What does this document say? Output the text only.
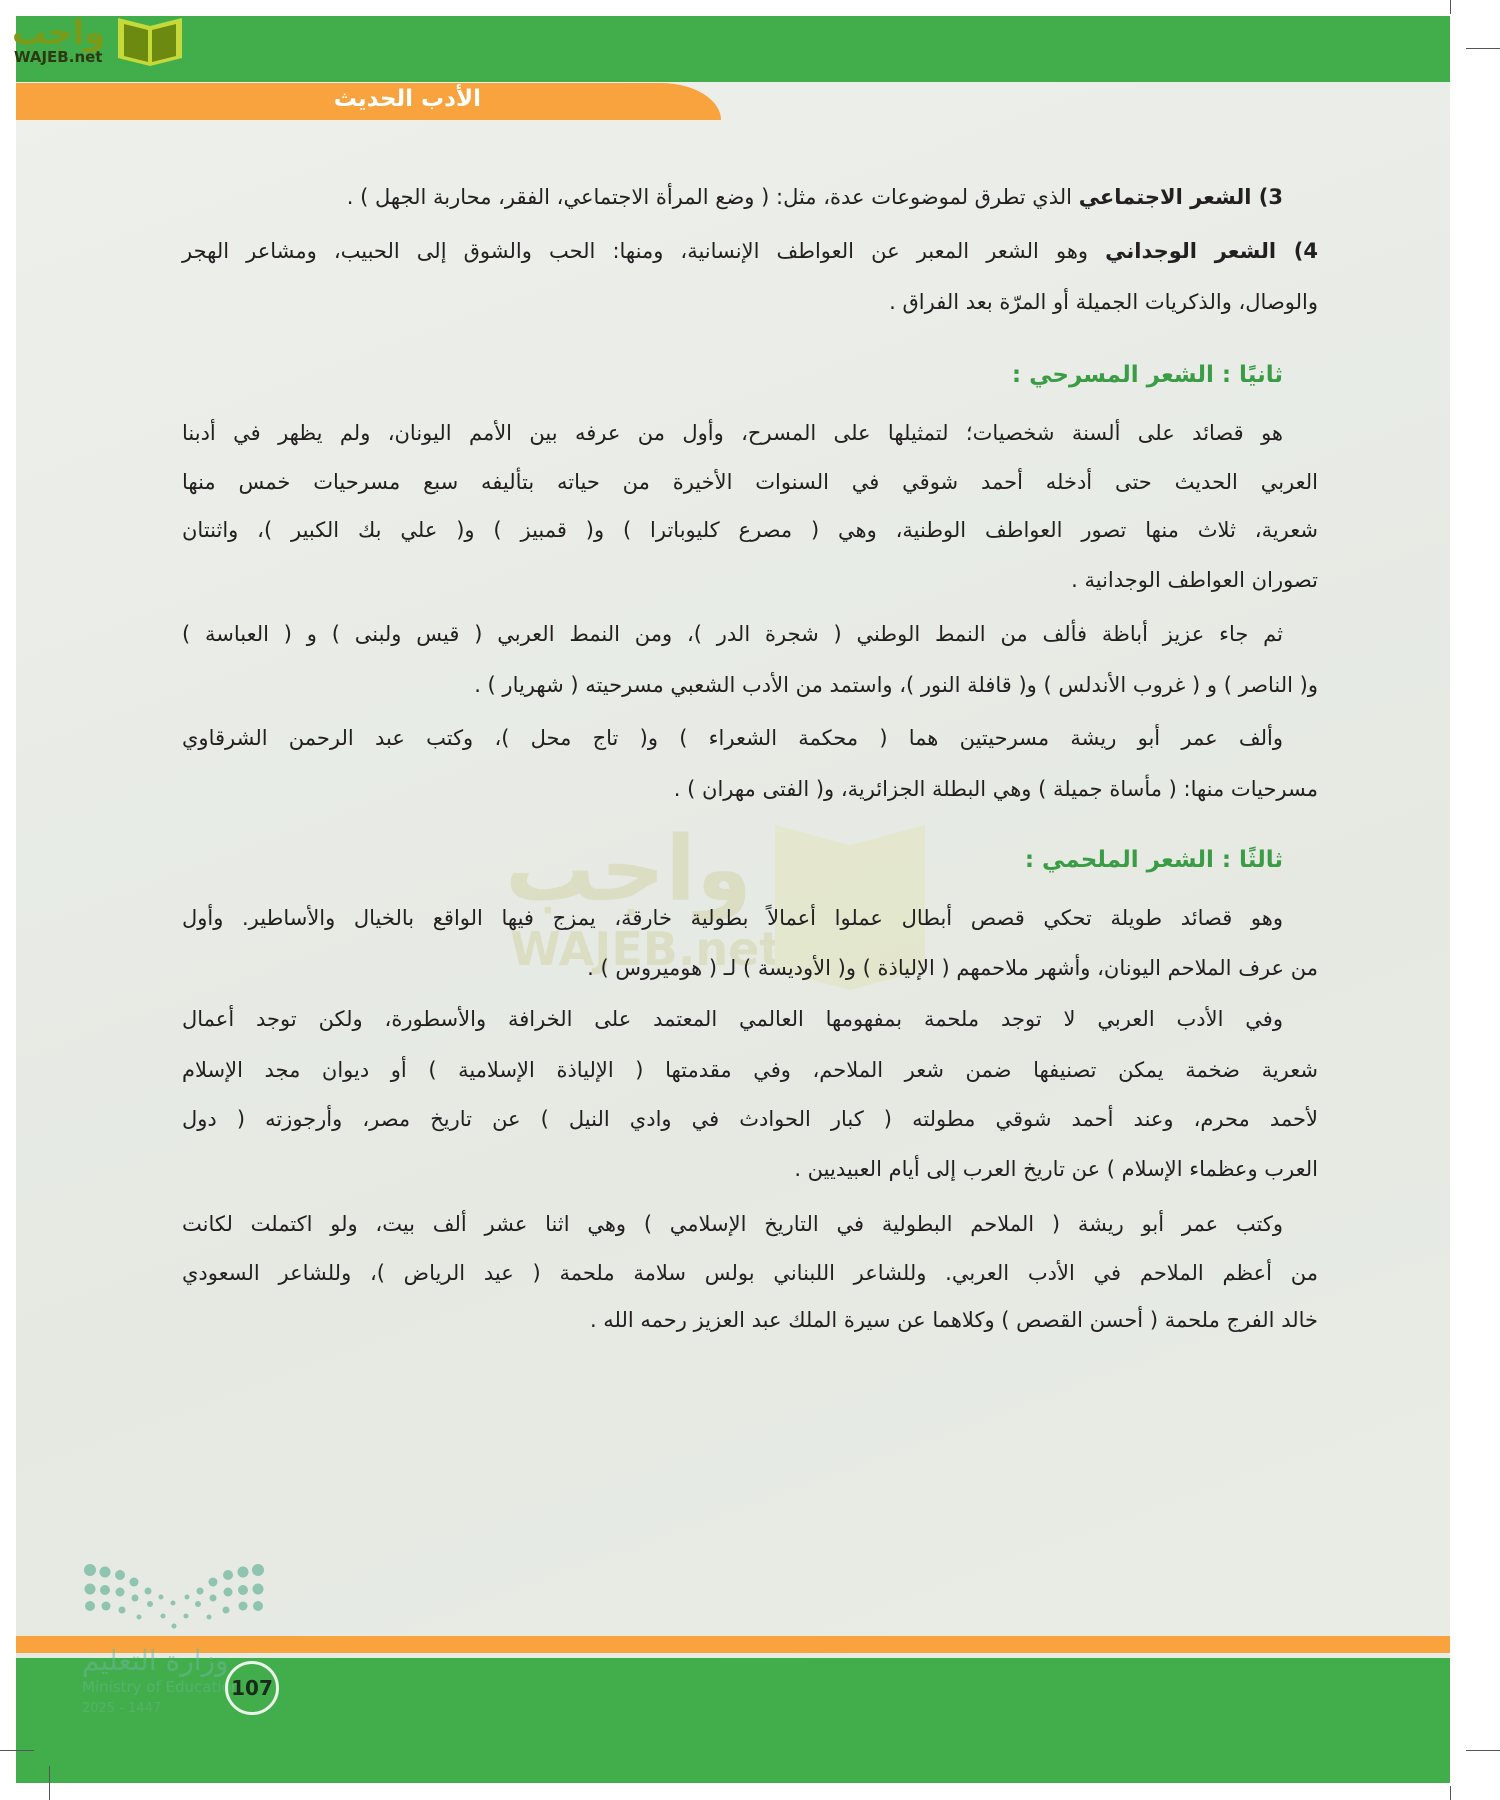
الأدب الحديث
واجب
WAJEB.net
3) الشعر الاجتماعي الذي تطرق لموضوعات عدة، مثل: ( وضع المرأة الاجتماعي، الفقر، محاربة الجهل ) .
4) الشعر الوجداني وهو الشعر المعبر عن العواطف الإنسانية، ومنها: الحب والشوق إلى الحبيب، ومشاعر الهجر
والوصال، والذكريات الجميلة أو المرّة بعد الفراق .
ثانيًا : الشعر المسرحي :
هو قصائد على ألسنة شخصيات؛ لتمثيلها على المسرح، وأول من عرفه بين الأمم اليونان، ولم يظهر في أدبنا
العربي الحديث حتى أدخله أحمد شوقي في السنوات الأخيرة من حياته بتأليفه سبع مسرحيات خمس منها
شعرية، ثلاث منها تصور العواطف الوطنية، وهي ( مصرع كليوباترا ) و( قمبيز ) و( علي بك الكبير )، واثنتان
تصوران العواطف الوجدانية .
ثم جاء عزيز أباظة فألف من النمط الوطني ( شجرة الدر )، ومن النمط العربي ( قيس ولبنى ) و ( العباسة )
و( الناصر ) و ( غروب الأندلس ) و( قافلة النور )، واستمد من الأدب الشعبي مسرحيته ( شهريار ) .
وألف عمر أبو ريشة مسرحيتين هما ( محكمة الشعراء ) و( تاج محل )، وكتب عبد الرحمن الشرقاوي
مسرحيات منها: ( مأساة جميلة ) وهي البطلة الجزائرية، و( الفتى مهران ) .
واجب
WAJEB.net
ثالثًا : الشعر الملحمي :
وهو قصائد طويلة تحكي قصص أبطال عملوا أعمالاً بطولية خارقة، يمزج فيها الواقع بالخيال والأساطير. وأول
من عرف الملاحم اليونان، وأشهر ملاحمهم ( الإلياذة ) و( الأوديسة ) لـ ( هوميروس ) .
وفي الأدب العربي لا توجد ملحمة بمفهومها العالمي المعتمد على الخرافة والأسطورة، ولكن توجد أعمال
شعرية ضخمة يمكن تصنيفها ضمن شعر الملاحم، وفي مقدمتها ( الإلياذة الإسلامية ) أو ديوان مجد الإسلام
لأحمد محرم، وعند أحمد شوقي مطولته ( كبار الحوادث في وادي النيل ) عن تاريخ مصر، وأرجوزته ( دول
العرب وعظماء الإسلام ) عن تاريخ العرب إلى أيام العبيديين .
وكتب عمر أبو ريشة ( الملاحم البطولية في التاريخ الإسلامي ) وهي اثنا عشر ألف بيت، ولو اكتملت لكانت
من أعظم الملاحم في الأدب العربي. وللشاعر اللبناني بولس سلامة ملحمة ( عيد الرياض )، وللشاعر السعودي
خالد الفرج ملحمة ( أحسن القصص ) وكلاهما عن سيرة الملك عبد العزيز رحمه الله .
وزارة التعليم
Ministry of Education
2025 - 1447
107
